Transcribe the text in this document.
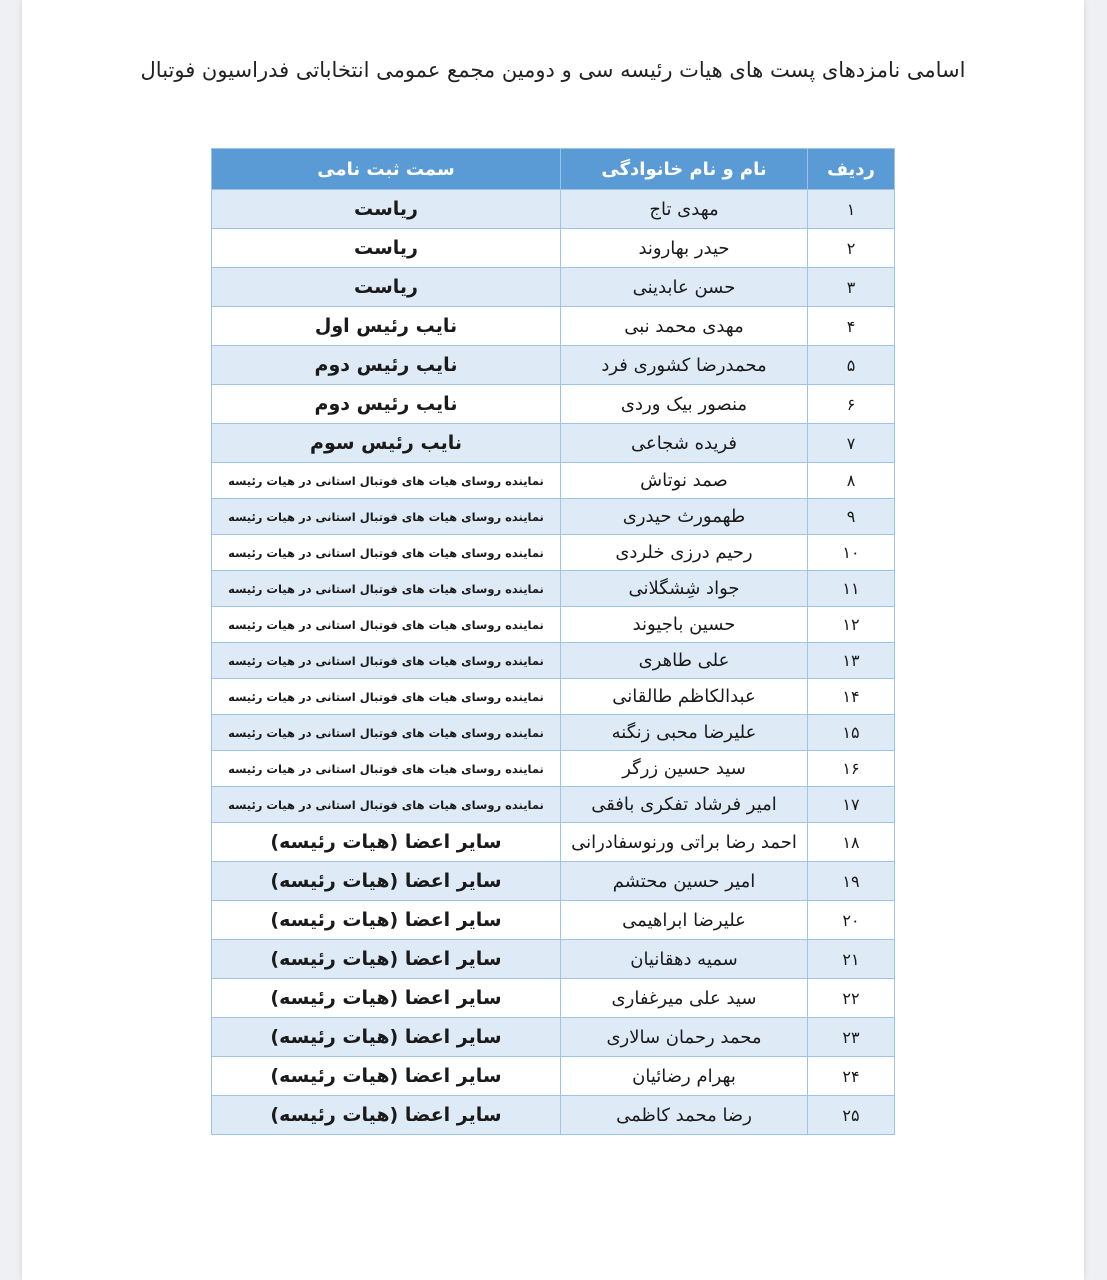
اسامی نامزدهای پست های هیات رئیسه سی و دومین مجمع عمومی انتخاباتی فدراسیون فوتبال
ردیف	نام و نام خانوادگی	سمت ثبت نامی
۱	مهدی تاج	ریاست
۲	حیدر بهاروند	ریاست
۳	حسن عابدینی	ریاست
۴	مهدی محمد نبی	نایب رئیس اول
۵	محمدرضا کشوری فرد	نایب رئیس دوم
۶	منصور بیک وردی	نایب رئیس دوم
۷	فریده شجاعی	نایب رئیس سوم
۸	صمد نوتاش	نماینده روسای هیات های فوتبال استانی در هیات رئیسه
۹	طهمورث حیدری	نماینده روسای هیات های فوتبال استانی در هیات رئیسه
۱۰	رحیم درزی خلردی	نماینده روسای هیات های فوتبال استانی در هیات رئیسه
۱۱	جواد شِشگلانی	نماینده روسای هیات های فوتبال استانی در هیات رئیسه
۱۲	حسین باجیوند	نماینده روسای هیات های فوتبال استانی در هیات رئیسه
۱۳	علی طاهری	نماینده روسای هیات های فوتبال استانی در هیات رئیسه
۱۴	عبدالکاظم طالقانی	نماینده روسای هیات های فوتبال استانی در هیات رئیسه
۱۵	علیرضا محبی زنگنه	نماینده روسای هیات های فوتبال استانی در هیات رئیسه
۱۶	سید حسین زرگر	نماینده روسای هیات های فوتبال استانی در هیات رئیسه
۱۷	امیر فرشاد تفکری بافقی	نماینده روسای هیات های فوتبال استانی در هیات رئیسه
۱۸	احمد رضا براتی ورنوسفادرانی	سایر اعضا (هیات رئیسه)
۱۹	امیر حسین محتشم	سایر اعضا (هیات رئیسه)
۲۰	علیرضا ابراهیمی	سایر اعضا (هیات رئیسه)
۲۱	سمیه دهقانیان	سایر اعضا (هیات رئیسه)
۲۲	سید علی میرغفاری	سایر اعضا (هیات رئیسه)
۲۳	محمد رحمان سالاری	سایر اعضا (هیات رئیسه)
۲۴	بهرام رضائیان	سایر اعضا (هیات رئیسه)
۲۵	رضا محمد کاظمی	سایر اعضا (هیات رئیسه)
